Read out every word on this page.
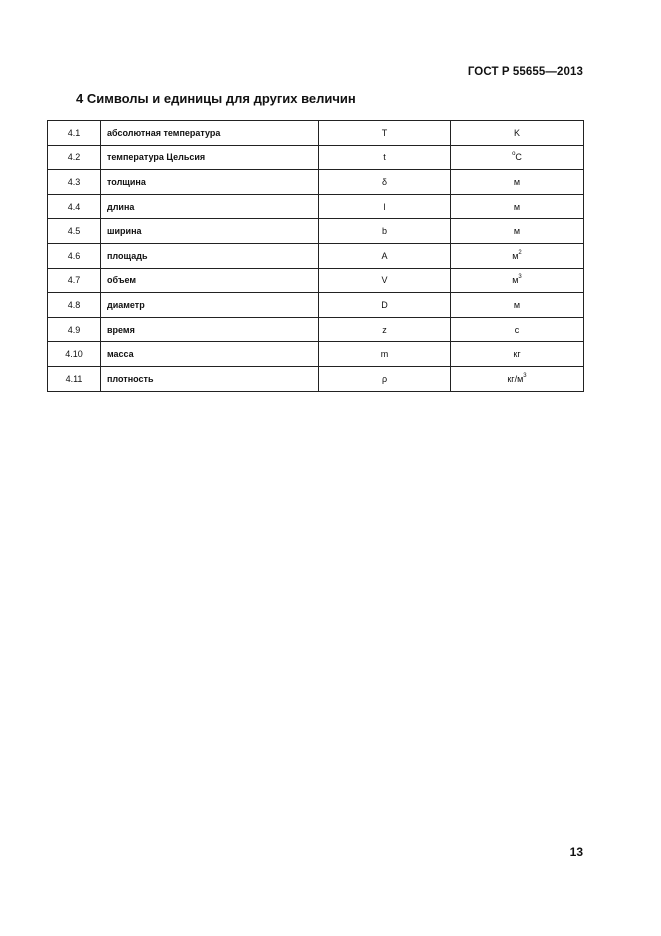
ГОСТ Р 55655—2013
4 Символы и единицы для других величин
4.1	абсолютная температура	T	K
4.2	температура Цельсия	t	$^o$C
4.3	толщина	δ	м
4.4	длина	l	м
4.5	ширина	b	м
4.6	площадь	A	$м^2$
4.7	объем	V	$м^3$
4.8	диаметр	D	м
4.9	время	z	с
4.10	масса	m	кг
4.11	плотность	ρ	$кг/м^3$
13
